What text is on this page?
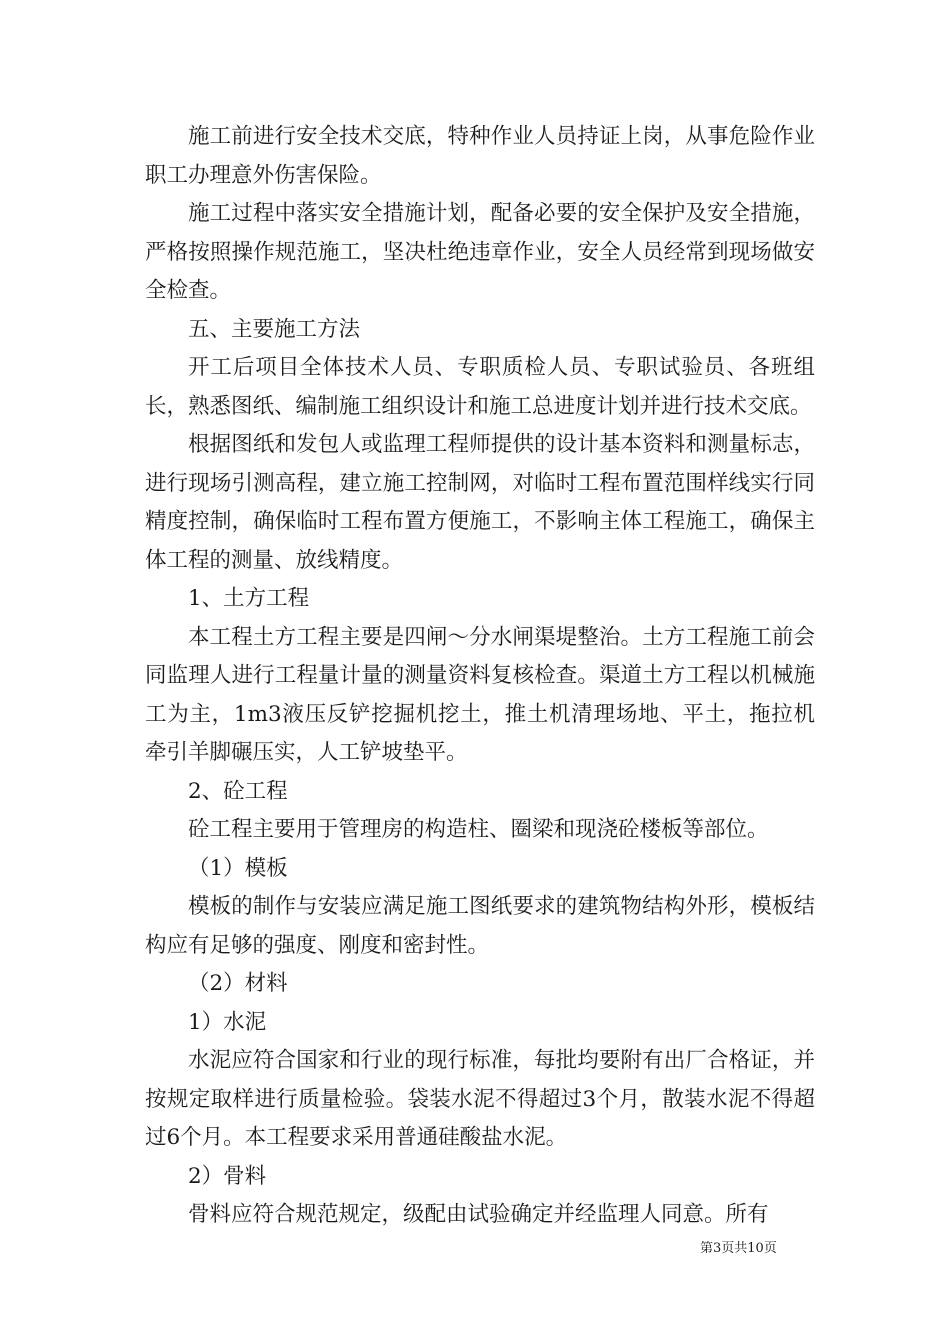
施工前进行安全技术交底，特种作业人员持证上岗，从事危险作业职工办理意外伤害保险。

施工过程中落实安全措施计划，配备必要的安全保护及安全措施，严格按照操作规范施工，坚决杜绝违章作业，安全人员经常到现场做安全检查。

五、主要施工方法

开工后项目全体技术人员、专职质检人员、专职试验员、各班组长，熟悉图纸、编制施工组织设计和施工总进度计划并进行技术交底。

根据图纸和发包人或监理工程师提供的设计基本资料和测量标志，进行现场引测高程，建立施工控制网，对临时工程布置范围样线实行同精度控制，确保临时工程布置方便施工，不影响主体工程施工，确保主体工程的测量、放线精度。

1、土方工程

本工程土方工程主要是四闸～分水闸渠堤整治。土方工程施工前会同监理人进行工程量计量的测量资料复核检查。渠道土方工程以机械施工为主，1m3液压反铲挖掘机挖土，推土机清理场地、平土，拖拉机牵引羊脚碾压实，人工铲坡垫平。

2、砼工程

砼工程主要用于管理房的构造柱、圈梁和现浇砼楼板等部位。

（1）模板

模板的制作与安装应满足施工图纸要求的建筑物结构外形，模板结构应有足够的强度、刚度和密封性。

（2）材料

1）水泥

水泥应符合国家和行业的现行标准，每批均要附有出厂合格证，并按规定取样进行质量检验。袋装水泥不得超过3个月，散装水泥不得超过6个月。本工程要求采用普通硅酸盐水泥。

2）骨料

骨料应符合规范规定，级配由试验确定并经监理人同意。所有

第3页共10页
